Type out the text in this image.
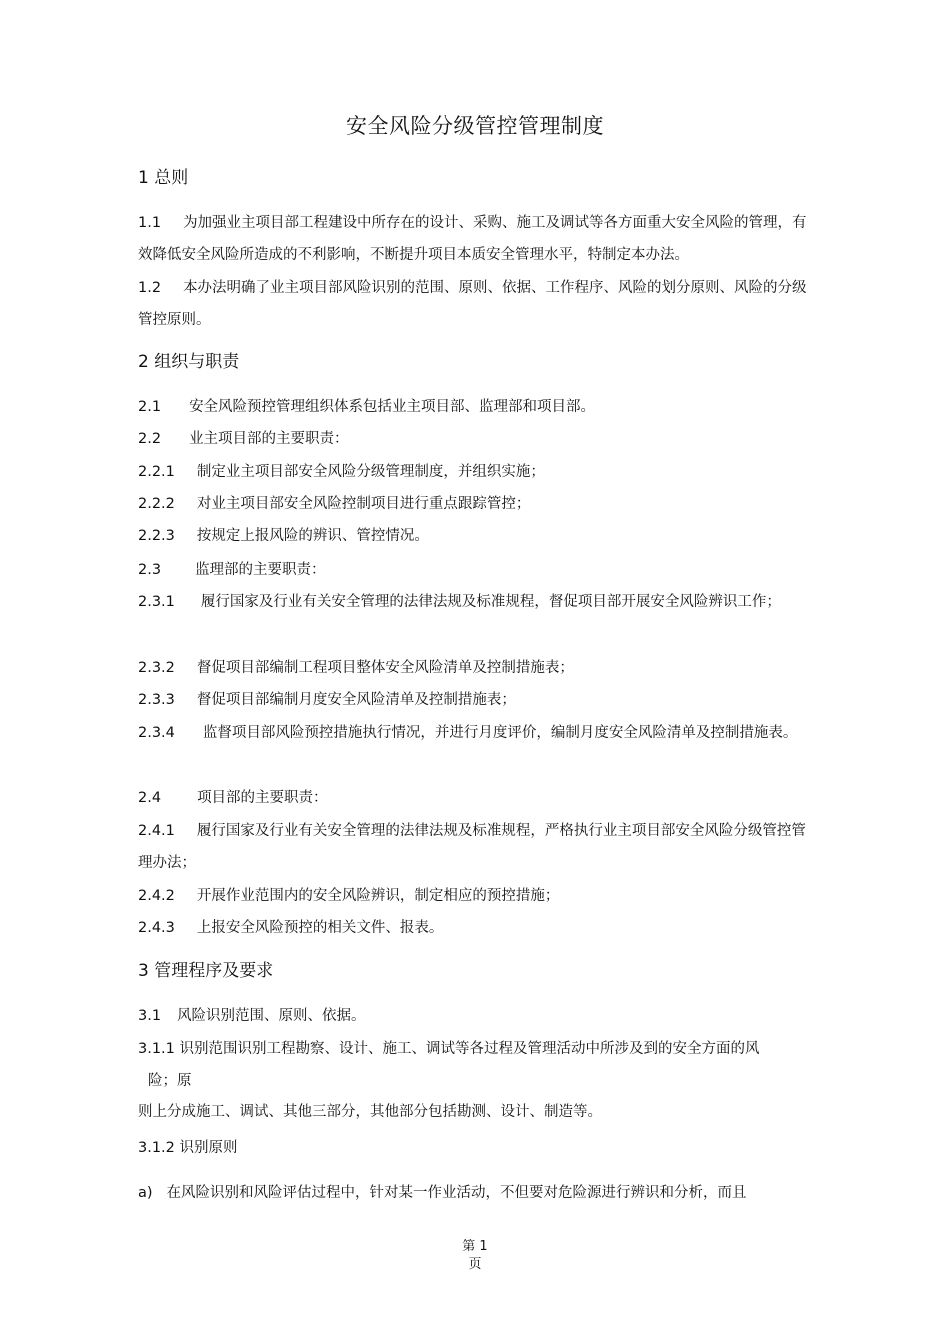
安全风险分级管控管理制度
1 总则
1.1 为加强业主项目部工程建设中所存在的设计、采购、施工及调试等各方面重大安全风险的管理，有效降低安全风险所造成的不利影响，不断提升项目本质安全管理水平，特制定本办法。
1.2 本办法明确了业主项目部风险识别的范围、原则、依据、工作程序、风险的划分原则、风险的分级管控原则。
2 组织与职责
2.1 安全风险预控管理组织体系包括业主项目部、监理部和项目部。
2.2 业主项目部的主要职责：
2.2.1 制定业主项目部安全风险分级管理制度，并组织实施；
2.2.2 对业主项目部安全风险控制项目进行重点跟踪管控；
2.2.3 按规定上报风险的辨识、管控情况。
2.3 监理部的主要职责：
2.3.1 履行国家及行业有关安全管理的法律法规及标准规程，督促项目部开展安全风险辨识工作；
2.3.2 督促项目部编制工程项目整体安全风险清单及控制措施表；
2.3.3 督促项目部编制月度安全风险清单及控制措施表；
2.3.4 监督项目部风险预控措施执行情况，并进行月度评价，编制月度安全风险清单及控制措施表。
2.4 项目部的主要职责：
2.4.1 履行国家及行业有关安全管理的法律法规及标准规程，严格执行业主项目部安全风险分级管控管理办法；
2.4.2 开展作业范围内的安全风险辨识，制定相应的预控措施；
2.4.3 上报安全风险预控的相关文件、报表。
3 管理程序及要求
3.1 风险识别范围、原则、依据。
3.1.1 识别范围识别工程勘察、设计、施工、调试等各过程及管理活动中所涉及到的安全方面的风
险；原
则上分成施工、调试、其他三部分，其他部分包括勘测、设计、制造等。
3.1.2 识别原则
a) 在风险识别和风险评估过程中，针对某一作业活动，不但要对危险源进行辨识和分析，而且
第 1
页
